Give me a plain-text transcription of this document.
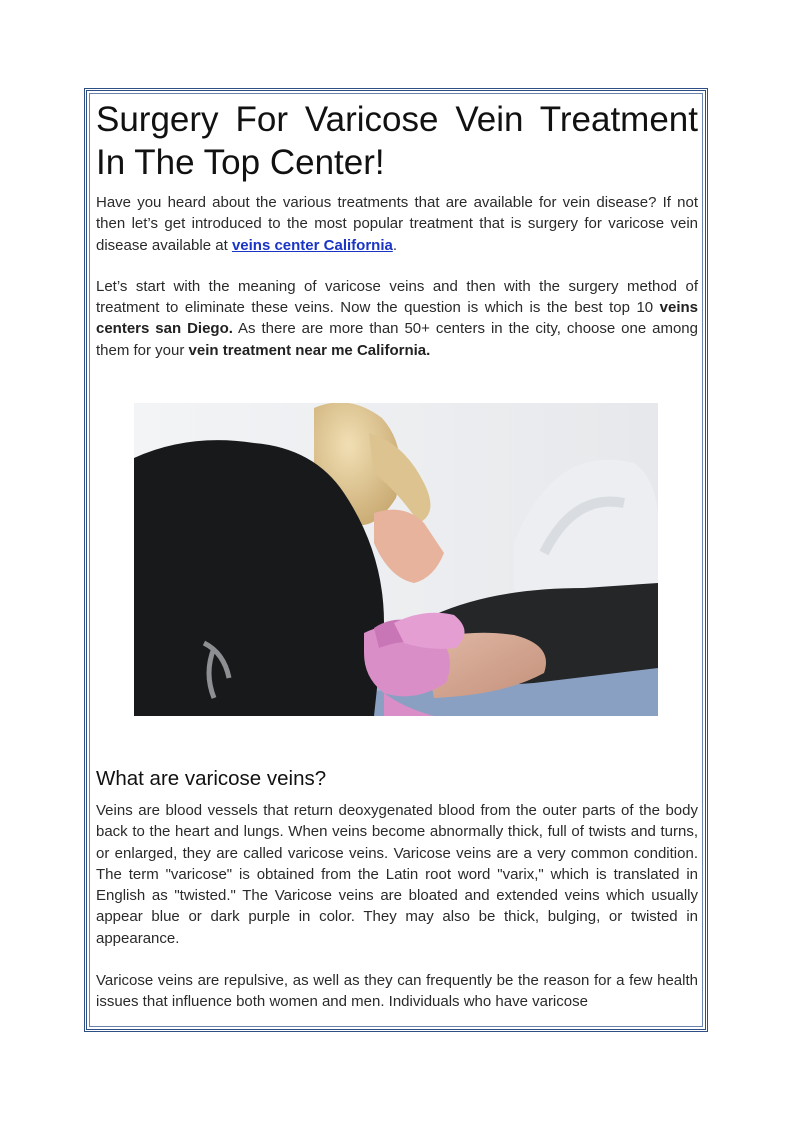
Surgery For Varicose Vein Treatment In The Top Center!

Have you heard about the various treatments that are available for vein disease? If not then let’s get introduced to the most popular treatment that is surgery for varicose vein disease available at veins center California.

Let’s start with the meaning of varicose veins and then with the surgery method of treatment to eliminate these veins. Now the question is which is the best top 10 veins centers san Diego. As there are more than 50+ centers in the city, choose one among them for your vein treatment near me California.

What are varicose veins?

Veins are blood vessels that return deoxygenated blood from the outer parts of the body back to the heart and lungs. When veins become abnormally thick, full of twists and turns, or enlarged, they are called varicose veins. Varicose veins are a very common condition. The term "varicose" is obtained from the Latin root word "varix," which is translated in English as "twisted." The Varicose veins are bloated and extended veins which usually appear blue or dark purple in color. They may also be thick, bulging, or twisted in appearance.

Varicose veins are repulsive, as well as they can frequently be the reason for a few health issues that influence both women and men. Individuals who have varicose
